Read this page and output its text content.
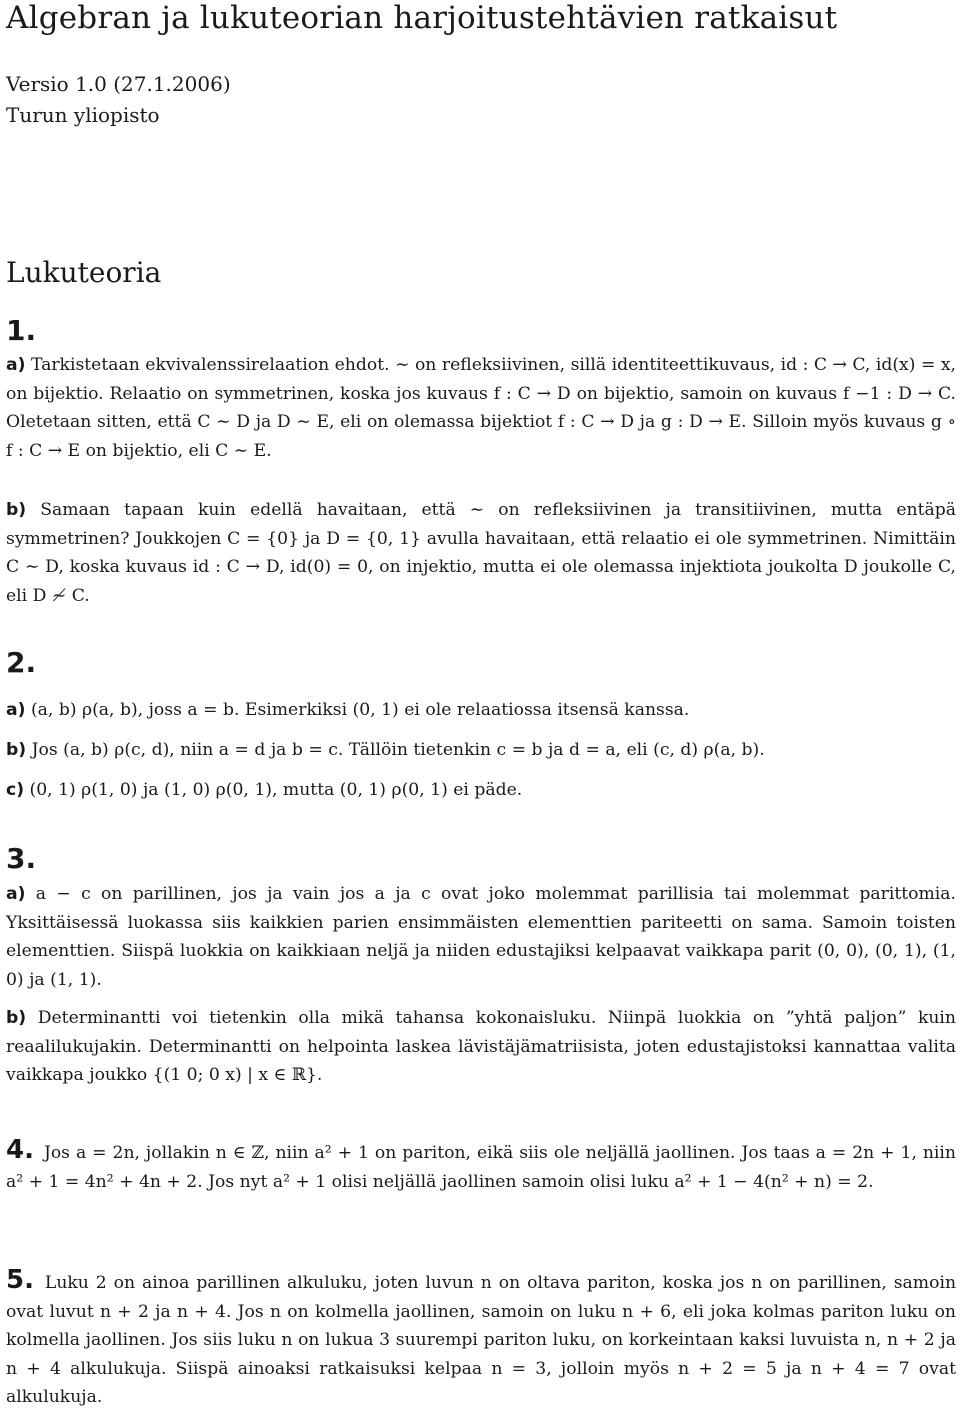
Algebran ja lukuteorian harjoitustehtävien ratkaisut
Versio 1.0 (27.1.2006)
Turun yliopisto
Lukuteoria
1.
a) Tarkistetaan ekvivalenssirelaation ehdot. ∼ on refleksiivinen, sillä identiteettikuvaus, id : C → C, id(x) = x, on bijektio. Relaatio on symmetrinen, koska jos kuvaus f : C → D on bijektio, samoin on kuvaus f −1 : D → C. Oletetaan sitten, että C ∼ D ja D ∼ E, eli on olemassa bijektiot f : C → D ja g : D → E. Silloin myös kuvaus g ∘ f : C → E on bijektio, eli C ∼ E.
b) Samaan tapaan kuin edellä havaitaan, että ∼ on refleksiivinen ja transitiivinen, mutta entäpä symmetrinen? Joukkojen C = {0} ja D = {0, 1} avulla havaitaan, että relaatio ei ole symmetrinen. Nimittäin C ∼ D, koska kuvaus id : C → D, id(0) = 0, on injektio, mutta ei ole olemassa injektiota joukolta D joukolle C, eli D ≁ C.
2.
a) (a, b) ρ(a, b), joss a = b. Esimerkiksi (0, 1) ei ole relaatiossa itsensä kanssa.
b) Jos (a, b) ρ(c, d), niin a = d ja b = c. Tällöin tietenkin c = b ja d = a, eli (c, d) ρ(a, b).
c) (0, 1) ρ(1, 0) ja (1, 0) ρ(0, 1), mutta (0, 1) ρ(0, 1) ei päde.
3.
a) a − c on parillinen, jos ja vain jos a ja c ovat joko molemmat parillisia tai molemmat parittomia. Yksittäisessä luokassa siis kaikkien parien ensimmäisten elementtien pariteetti on sama. Samoin toisten elementtien. Siispä luokkia on kaikkiaan neljä ja niiden edustajiksi kelpaavat vaikkapa parit (0, 0), (0, 1), (1, 0) ja (1, 1).
b) Determinantti voi tietenkin olla mikä tahansa kokonaisluku. Niinpä luokkia on ”yhtä paljon” kuin reaalilukujakin. Determinantti on helpointa laskea lävistäjämatriisista, joten edustajistoksi kannattaa valita vaikkapa joukko {(1 0; 0 x) | x ∈ ℝ}.
4. Jos a = 2n, jollakin n ∈ ℤ, niin a² + 1 on pariton, eikä siis ole neljällä jaollinen. Jos taas a = 2n + 1, niin a² + 1 = 4n² + 4n + 2. Jos nyt a² + 1 olisi neljällä jaollinen samoin olisi luku a² + 1 − 4(n² + n) = 2.
5. Luku 2 on ainoa parillinen alkuluku, joten luvun n on oltava pariton, koska jos n on parillinen, samoin ovat luvut n + 2 ja n + 4. Jos n on kolmella jaollinen, samoin on luku n + 6, eli joka kolmas pariton luku on kolmella jaollinen. Jos siis luku n on lukua 3 suurempi pariton luku, on korkeintaan kaksi luvuista n, n + 2 ja n + 4 alkulukuja. Siispä ainoaksi ratkaisuksi kelpaa n = 3, jolloin myös n + 2 = 5 ja n + 4 = 7 ovat alkulukuja.
